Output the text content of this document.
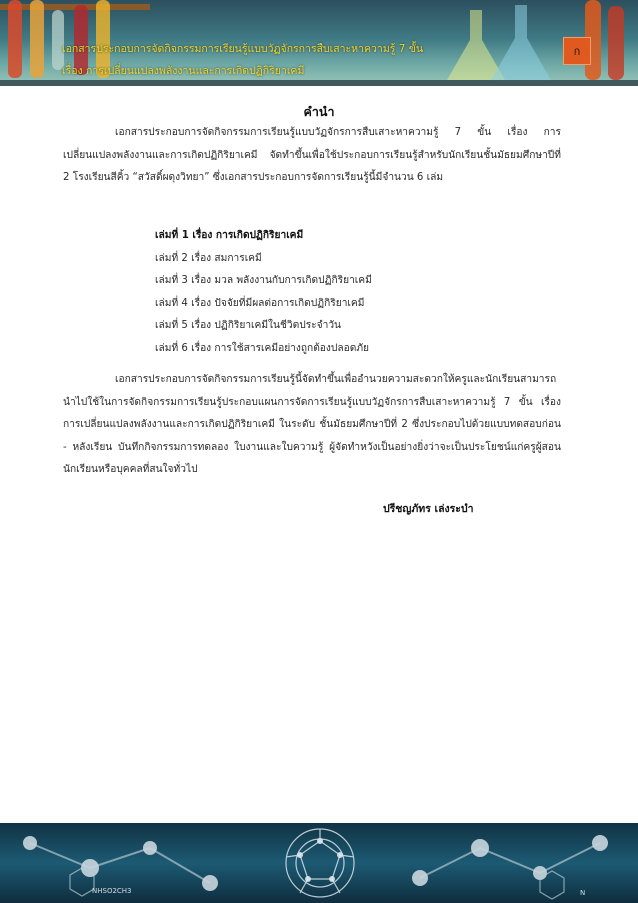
เอกสารประกอบการจัดกิจกรรมการเรียนรู้แบบวัฏจักรการสืบเสาะหาความรู้ 7 ขั้น
เรื่อง การเปลี่ยนแปลงพลังงานและการเกิดปฏิกิริยาเคมี
ก
คำนำ
เอกสารประกอบการจัดกิจกรรมการเรียนรู้แบบวัฏจักรการสืบเสาะหาความรู้ 7 ขั้น เรื่อง การเปลี่ยนแปลงพลังงานและการเกิดปฏิกิริยาเคมี จัดทำขึ้นเพื่อใช้ประกอบการเรียนรู้สำหรับนักเรียนชั้นมัธยมศึกษาปีที่ 2 โรงเรียนสีคิ้ว “สวัสดิ์ผดุงวิทยา” ซึ่งเอกสารประกอบการจัดการเรียนรู้นี้มีจำนวน 6 เล่ม
เล่มที่ 1 เรื่อง การเกิดปฏิกิริยาเคมี
เล่มที่ 2 เรื่อง สมการเคมี
เล่มที่ 3 เรื่อง มวล พลังงานกับการเกิดปฏิกิริยาเคมี
เล่มที่ 4 เรื่อง ปัจจัยที่มีผลต่อการเกิดปฏิกิริยาเคมี
เล่มที่ 5 เรื่อง ปฏิกิริยาเคมีในชีวิตประจำวัน
เล่มที่ 6 เรื่อง การใช้สารเคมีอย่างถูกต้องปลอดภัย
เอกสารประกอบการจัดกิจกรรมการเรียนรู้นี้จัดทำขึ้นเพื่ออำนวยความสะดวกให้ครูและนักเรียนสามารถนำไปใช้ในการจัดกิจกรรมการเรียนรู้ประกอบแผนการจัดการเรียนรู้แบบวัฏจักรการสืบเสาะหาความรู้ 7 ขั้น เรื่อง การเปลี่ยนแปลงพลังงานและการเกิดปฏิกิริยาเคมี ในระดับ ชั้นมัธยมศึกษาปีที่ 2 ซึ่งประกอบไปด้วยแบบทดสอบก่อน - หลังเรียน บันทึกกิจกรรมการทดลอง ใบงานและใบความรู้ ผู้จัดทำหวังเป็นอย่างยิ่งว่าจะเป็นประโยชน์แก่ครูผู้สอน นักเรียนหรือบุคคลที่สนใจทั่วไป
ปรีชญภัทร เล่งระบำ
NHSO2CH3	N
